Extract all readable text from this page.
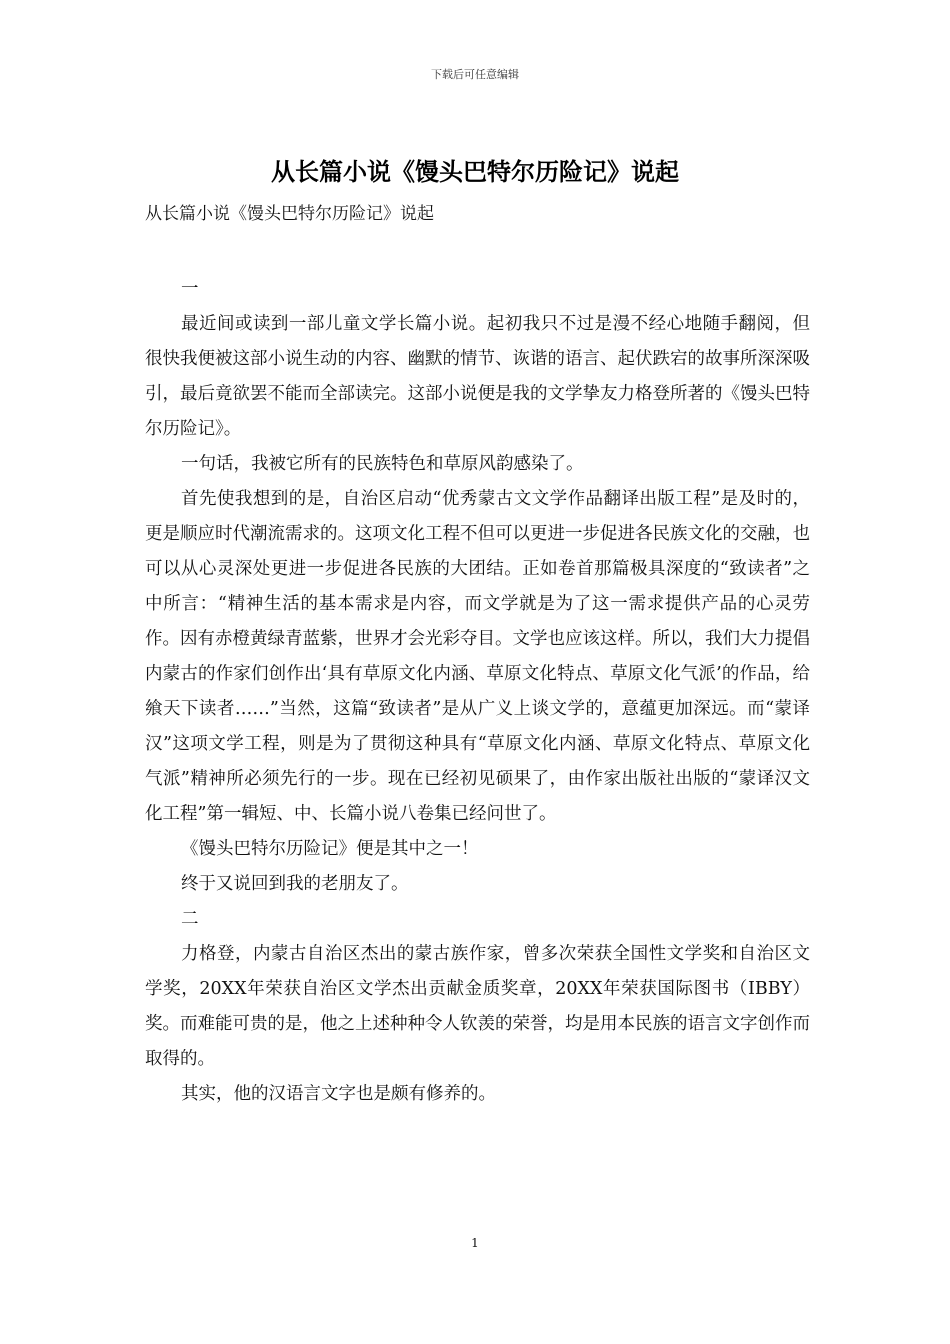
下载后可任意编辑
从长篇小说《馒头巴特尔历险记》说起
从长篇小说《馒头巴特尔历险记》说起

一

最近间或读到一部儿童文学长篇小说。起初我只不过是漫不经心地随手翻阅，但很快我便被这部小说生动的内容、幽默的情节、诙谐的语言、起伏跌宕的故事所深深吸引，最后竟欲罢不能而全部读完。这部小说便是我的文学挚友力格登所著的《馒头巴特尔历险记》。

一句话，我被它所有的民族特色和草原风韵感染了。

首先使我想到的是，自治区启动“优秀蒙古文文学作品翻译出版工程”是及时的，更是顺应时代潮流需求的。这项文化工程不但可以更进一步促进各民族文化的交融，也可以从心灵深处更进一步促进各民族的大团结。正如卷首那篇极具深度的“致读者”之中所言：“精神生活的基本需求是内容，而文学就是为了这一需求提供产品的心灵劳作。因有赤橙黄绿青蓝紫，世界才会光彩夺目。文学也应该这样。所以，我们大力提倡内蒙古的作家们创作出‘具有草原文化内涵、草原文化特点、草原文化气派’的作品，给飨天下读者……”当然，这篇“致读者”是从广义上谈文学的，意蕴更加深远。而“蒙译汉”这项文学工程，则是为了贯彻这种具有“草原文化内涵、草原文化特点、草原文化气派”精神所必须先行的一步。现在已经初见硕果了，由作家出版社出版的“蒙译汉文化工程”第一辑短、中、长篇小说八卷集已经问世了。

《馒头巴特尔历险记》便是其中之一！

终于又说回到我的老朋友了。

二

力格登，内蒙古自治区杰出的蒙古族作家，曾多次荣获全国性文学奖和自治区文学奖，20XX年荣获自治区文学杰出贡献金质奖章，20XX年荣获国际图书（IBBY）奖。而难能可贵的是，他之上述种种令人钦羡的荣誉，均是用本民族的语言文字创作而取得的。

其实，他的汉语言文字也是颇有修养的。

1
